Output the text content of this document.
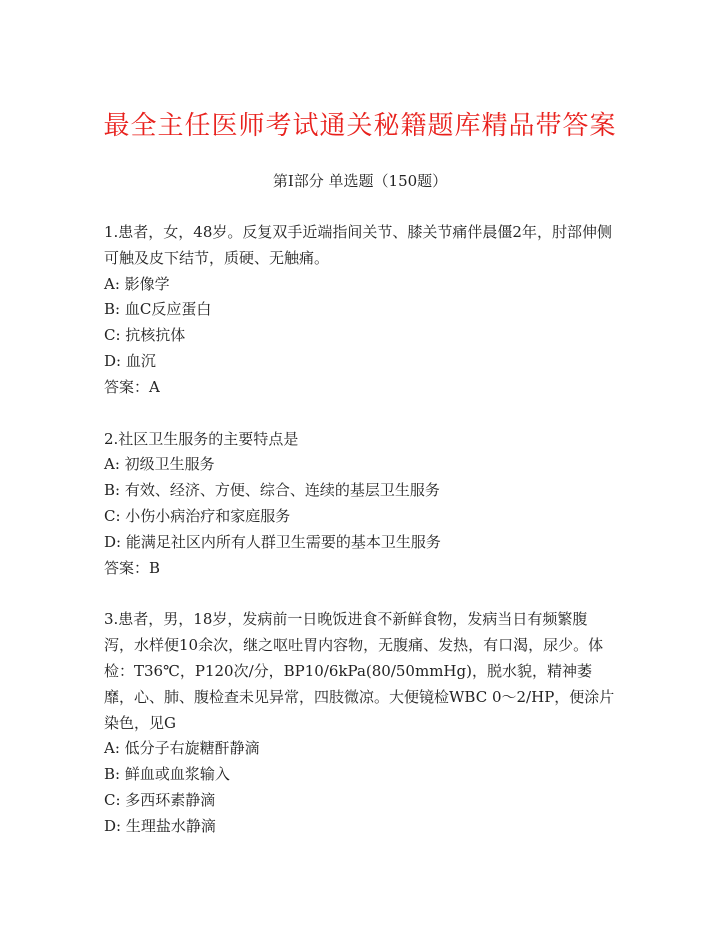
最全主任医师考试通关秘籍题库精品带答案
第I部分 单选题（150题）

1.患者，女，48岁。反复双手近端指间关节、膝关节痛伴晨僵2年，肘部伸侧可触及皮下结节，质硬、无触痛。

A: 影像学

B: 血C反应蛋白

C: 抗核抗体

D: 血沉

答案：A

2.社区卫生服务的主要特点是

A: 初级卫生服务

B: 有效、经济、方便、综合、连续的基层卫生服务

C: 小伤小病治疗和家庭服务

D: 能满足社区内所有人群卫生需要的基本卫生服务

答案：B

3.患者，男，18岁，发病前一日晚饭进食不新鲜食物，发病当日有频繁腹泻，水样便10余次，继之呕吐胃内容物，无腹痛、发热，有口渴，尿少。体检：T36℃，P120次/分，BP10/6kPa(80/50mmHg)，脱水貌，精神萎靡，心、肺、腹检查未见异常，四肢微凉。大便镜检WBC 0～2/HP，便涂片染色，见G

A: 低分子右旋糖酐静滴

B: 鲜血或血浆输入

C: 多西环素静滴

D: 生理盐水静滴
